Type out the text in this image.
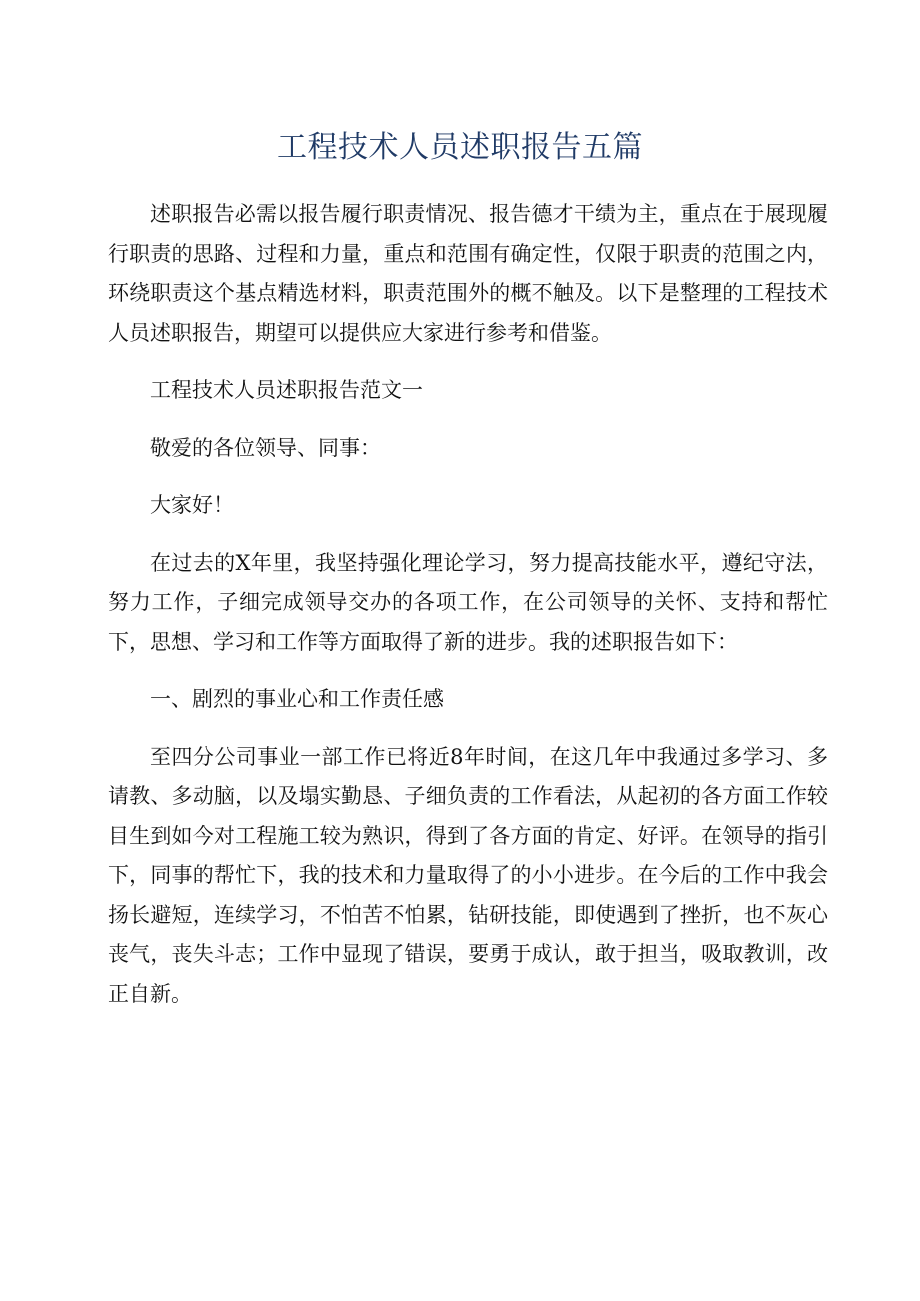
工程技术人员述职报告五篇

述职报告必需以报告履行职责情况、报告德才干绩为主，重点在于展现履行职责的思路、过程和力量，重点和范围有确定性，仅限于职责的范围之内，环绕职责这个基点精选材料，职责范围外的概不触及。以下是整理的工程技术人员述职报告，期望可以提供应大家进行参考和借鉴。

工程技术人员述职报告范文一

敬爱的各位领导、同事：

大家好！

在过去的X年里，我坚持强化理论学习，努力提高技能水平，遵纪守法，努力工作，子细完成领导交办的各项工作，在公司领导的关怀、支持和帮忙下，思想、学习和工作等方面取得了新的进步。我的述职报告如下：

一、剧烈的事业心和工作责任感

至四分公司事业一部工作已将近8年时间，在这几年中我通过多学习、多请教、多动脑，以及塌实勤恳、子细负责的工作看法，从起初的各方面工作较目生到如今对工程施工较为熟识，得到了各方面的肯定、好评。在领导的指引下，同事的帮忙下，我的技术和力量取得了的小小进步。在今后的工作中我会扬长避短，连续学习，不怕苦不怕累，钻研技能，即使遇到了挫折，也不灰心丧气，丧失斗志；工作中显现了错误，要勇于成认，敢于担当，吸取教训，改正自新。
